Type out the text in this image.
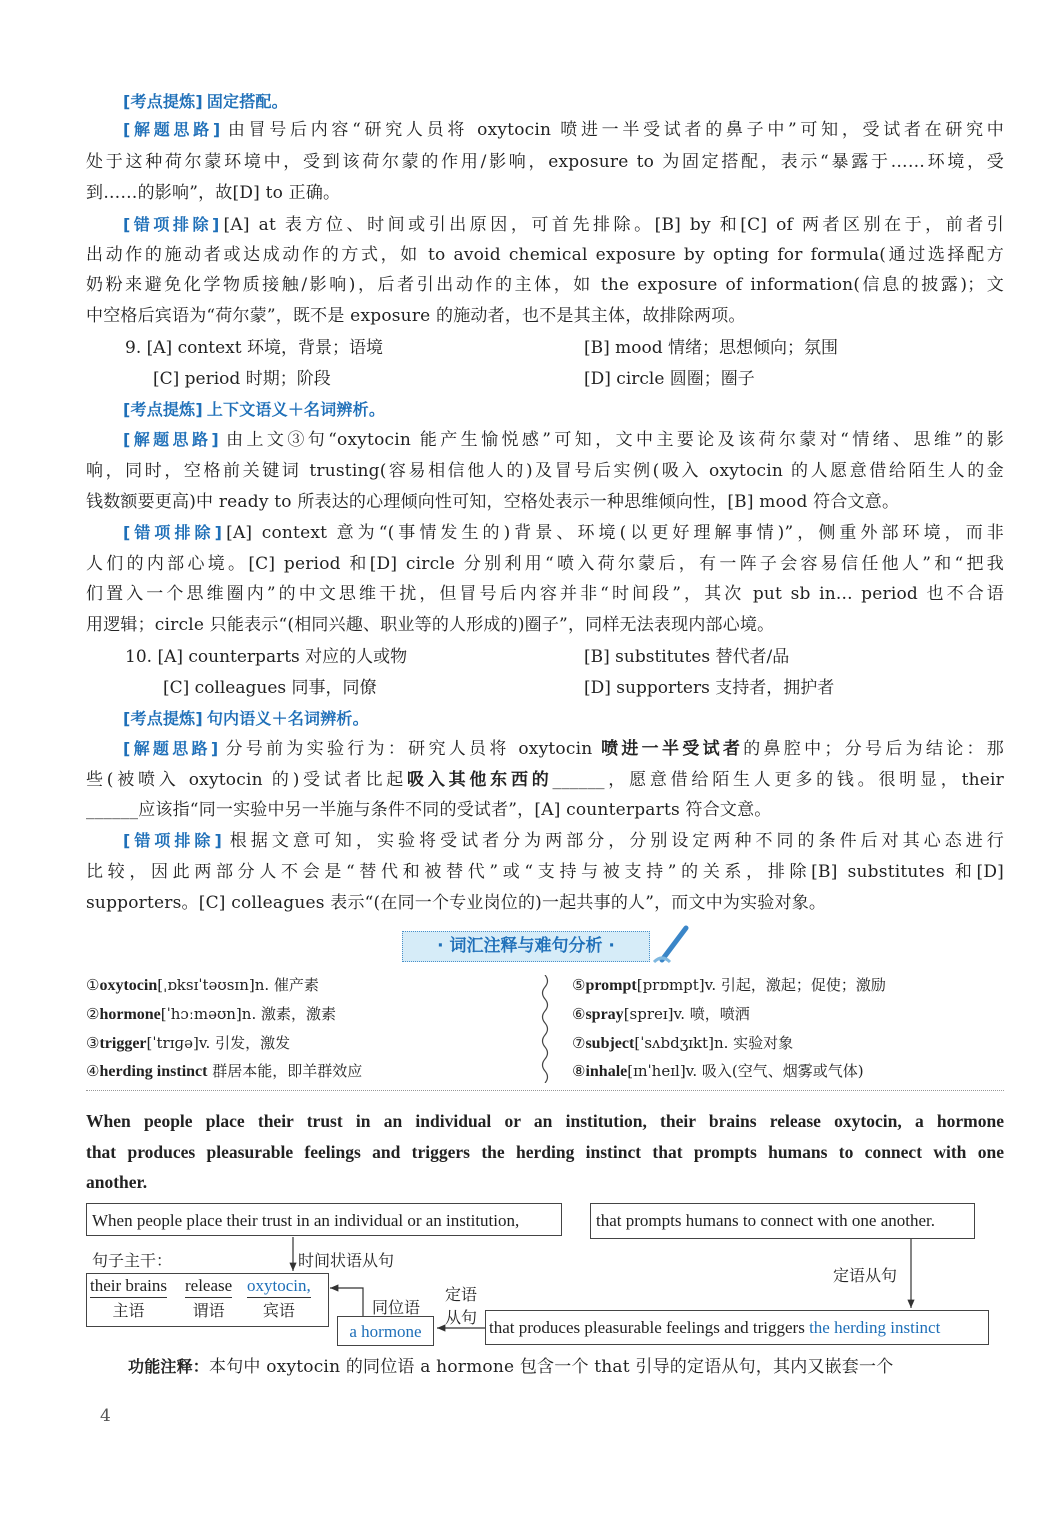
[考点提炼] 固定搭配。
[解题思路] 由冒号后内容“研究人员将 oxytocin 喷进一半受试者的鼻子中”可知，受试者在研究中
处于这种荷尔蒙环境中，受到该荷尔蒙的作用/影响，exposure to 为固定搭配，表示“暴露于……环境，受
到……的影响”，故[D] to 正确。
[错项排除] [A] at 表方位、时间或引出原因，可首先排除。[B] by 和[C] of 两者区别在于，前者引
出动作的施动者或达成动作的方式，如 to avoid chemical exposure by opting for formula(通过选择配方
奶粉来避免化学物质接触/影响)，后者引出动作的主体，如 the exposure of information(信息的披露)；文
中空格后宾语为“荷尔蒙”，既不是 exposure 的施动者，也不是其主体，故排除两项。
[考点提炼] 上下文语义＋名词辨析。
[解题思路] 由上文③句“oxytocin 能产生愉悦感”可知，文中主要论及该荷尔蒙对“情绪、思维”的影
响，同时，空格前关键词 trusting(容易相信他人的)及冒号后实例(吸入 oxytocin 的人愿意借给陌生人的金
钱数额要更高)中 ready to 所表达的心理倾向性可知，空格处表示一种思维倾向性，[B] mood 符合文意。
[错项排除] [A] context 意为“(事情发生的)背景、环境(以更好理解事情)”，侧重外部环境，而非
人们的内部心境。[C] period 和[D] circle 分别利用“喷入荷尔蒙后，有一阵子会容易信任他人”和“把我
们置入一个思维圈内”的中文思维干扰，但冒号后内容并非“时间段”，其次 put sb in... period 也不合语
用逻辑；circle 只能表示“(相同兴趣、职业等的人形成的)圈子”，同样无法表现内部心境。
[考点提炼] 句内语义＋名词辨析。
[解题思路] 分号前为实验行为：研究人员将 oxytocin 喷进一半受试者的鼻腔中；分号后为结论：那
些(被喷入 oxytocin 的)受试者比起吸入其他东西的______，愿意借给陌生人更多的钱。很明显，their
______应该指“同一实验中另一半施与条件不同的受试者”，[A] counterparts 符合文意。
[错项排除] 根据文意可知，实验将受试者分为两部分，分别设定两种不同的条件后对其心态进行
比较，因此两部分人不会是“替代和被替代”或“支持与被支持”的关系，排除[B] substitutes 和[D]
supporters。[C] colleagues 表示“(在同一个专业岗位的)一起共事的人”，而文中为实验对象。
9. [A] context 环境，背景；语境	[B] mood 情绪；思想倾向；氛围
[C] period 时期；阶段	[D] circle 圆圈；圈子
10. [A] counterparts 对应的人或物	[B] substitutes 替代者/品
[C] colleagues 同事，同僚	[D] supporters 支持者，拥护者
· 词汇注释与难句分析 ·
①oxytocin[ˌɒksɪˈtəʊsɪn]n. 催产素
②hormone[ˈhɔːməʊn]n. 激素，激素
③trigger[ˈtrɪɡə]v. 引发，激发
④herding instinct 群居本能，即羊群效应
⑤prompt[prɒmpt]v. 引起，激起；促使；激励
⑥spray[spreɪ]v. 喷，喷洒
⑦subject[ˈsʌbdʒɪkt]n. 实验对象
⑧inhale[ɪnˈheɪl]v. 吸入(空气、烟雾或气体)
When people place their trust in an individual or an institution, their brains release oxytocin, a hormone
that produces pleasurable feelings and triggers the herding instinct that prompts humans to connect with one
another.
When people place their trust in an individual or an institution,	that prompts humans to connect with one another.
句子主干：	时间状语从句
定语从句
their brains
主语
release
谓语
oxytocin,
宾语
a hormone
同位语
定语
从句
that produces pleasurable feelings and triggers the herding instinct
功能注释：本句中 oxytocin 的同位语 a hormone 包含一个 that 引导的定语从句，其内又嵌套一个
4
